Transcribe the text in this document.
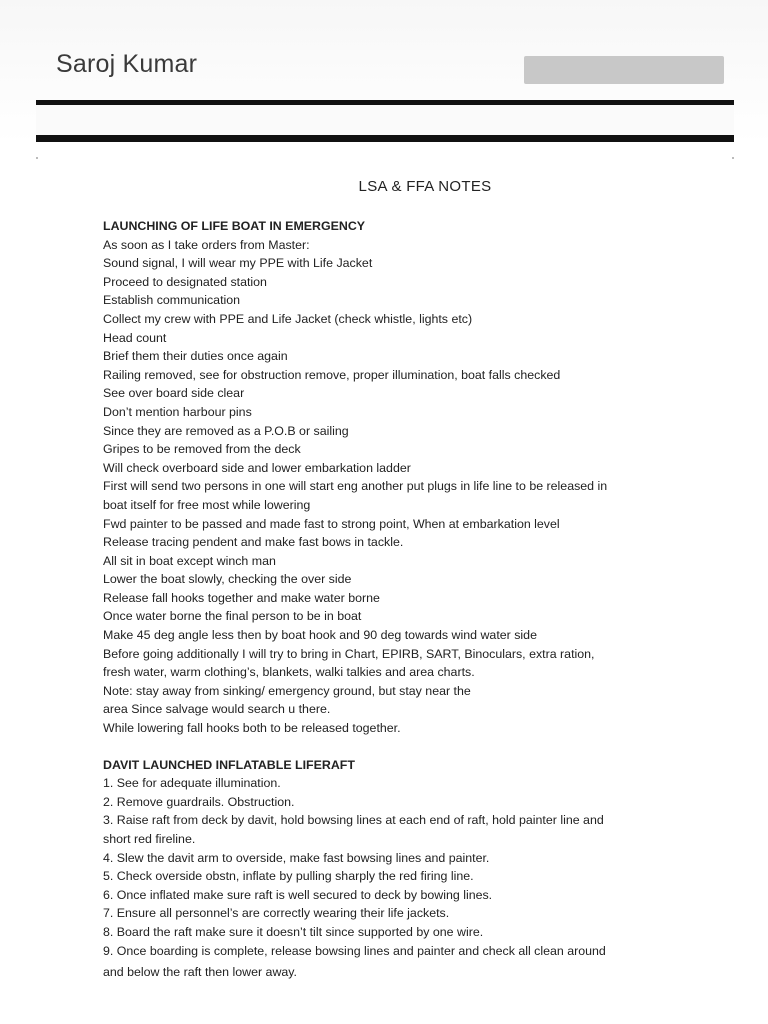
Saroj Kumar
LSA & FFA NOTES
LAUNCHING OF LIFE BOAT IN EMERGENCY
As soon as I take orders from Master:
Sound signal, I will wear my PPE with Life Jacket
Proceed to designated station
Establish communication
Collect my crew with PPE and Life Jacket (check whistle, lights etc)
Head count
Brief them their duties once again
Railing removed, see for obstruction remove, proper illumination, boat falls checked
See over board side clear
Don’t mention harbour pins
Since they are removed as a P.O.B or sailing
Gripes to be removed from the deck
Will check overboard side and lower embarkation ladder
First will send two persons in one will start eng another put plugs in life line to be released in
boat itself for free most while lowering
Fwd painter to be passed and made fast to strong point, When at embarkation level
Release tracing pendent and make fast bows in tackle.
All sit in boat except winch man
Lower the boat slowly, checking the over side
Release fall hooks together and make water borne
Once water borne the final person to be in boat
Make 45 deg angle less then by boat hook and 90 deg towards wind water side
Before going additionally I will try to bring in Chart, EPIRB, SART, Binoculars, extra ration,
fresh water, warm clothing’s, blankets, walki talkies and area charts.
Note: stay away from sinking/ emergency ground, but stay near the
area Since salvage would search u there.
While lowering fall hooks both to be released together.
DAVIT LAUNCHED INFLATABLE LIFERAFT
1. See for adequate illumination.
2. Remove guardrails. Obstruction.
3. Raise raft from deck by davit, hold bowsing lines at each end of raft, hold painter line and
short red fireline.
4. Slew the davit arm to overside, make fast bowsing lines and painter.
5. Check overside obstn, inflate by pulling sharply the red firing line.
6. Once inflated make sure raft is well secured to deck by bowing lines.
7. Ensure all personnel’s are correctly wearing their life jackets.
8. Board the raft make sure it doesn’t tilt since supported by one wire.
9. Once boarding is complete, release bowsing lines and painter and check all clean around
and below the raft then lower away.
